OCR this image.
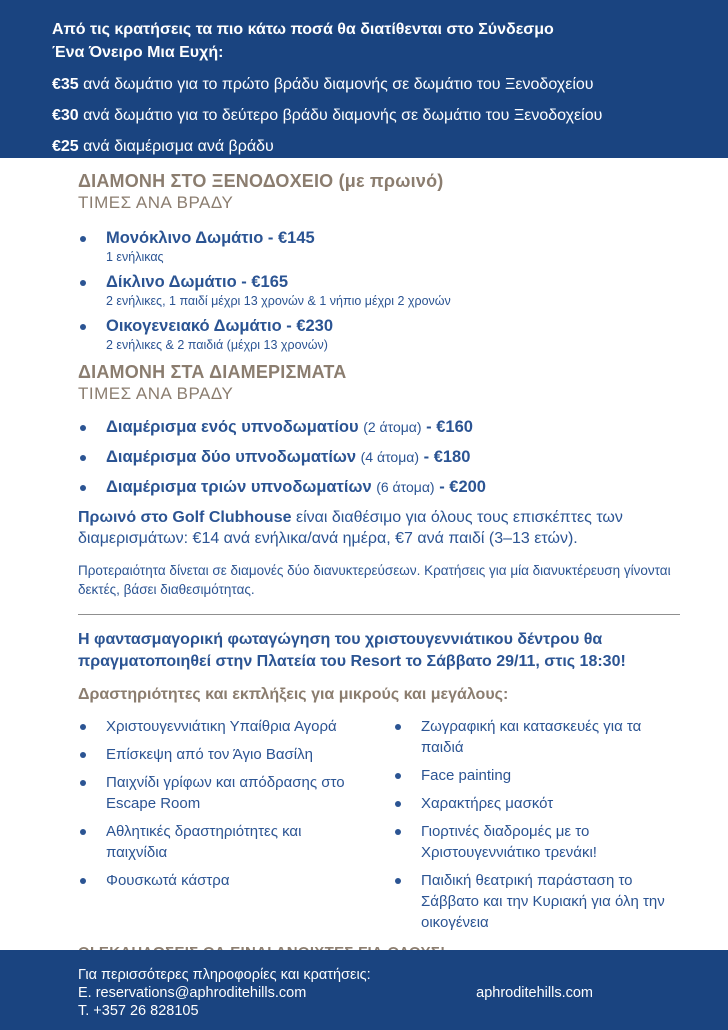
Από τις κρατήσεις τα πιο κάτω ποσά θα διατίθενται στο Σύνδεσμο
Ένα Όνειρο Μια Ευχή:
€35 ανά δωμάτιο για το πρώτο βράδυ διαμονής σε δωμάτιο του Ξενοδοχείου
€30 ανά δωμάτιο για το δεύτερο βράδυ διαμονής σε δωμάτιο του Ξενοδοχείου
€25 ανά διαμέρισμα ανά βράδυ
ΔΙΑΜΟΝΗ ΣΤΟ ΞΕΝΟΔΟΧΕΙΟ (με πρωινό)
ΤΙΜΕΣ ΑΝΑ ΒΡΑΔΥ
Μονόκλινο Δωμάτιο - €145
1 ενήλικας
Δίκλινο Δωμάτιο - €165
2 ενήλικες, 1 παιδί μέχρι 13 χρονών & 1 νήπιο μέχρι 2 χρονών
Οικογενειακό Δωμάτιο - €230
2 ενήλικες & 2 παιδιά (μέχρι 13 χρονών)
ΔΙΑΜΟΝΗ ΣΤΑ ΔΙΑΜΕΡΙΣΜΑΤΑ
ΤΙΜΕΣ ΑΝΑ ΒΡΑΔΥ
Διαμέρισμα ενός υπνοδωματίου (2 άτομα) - €160
Διαμέρισμα δύο υπνοδωματίων (4 άτομα) - €180
Διαμέρισμα τριών υπνοδωματίων (6 άτομα) - €200
Πρωινό στο Golf Clubhouse είναι διαθέσιμο για όλους τους επισκέπτες των διαμερισμάτων: €14 ανά ενήλικα/ανά ημέρα, €7 ανά παιδί (3–13 ετών).
Προτεραιότητα δίνεται σε διαμονές δύο διανυκτερεύσεων. Κρατήσεις για μία διανυκτέρευση γίνονται δεκτές, βάσει διαθεσιμότητας.
Η φαντασμαγορική φωταγώγηση του χριστουγεννιάτικου δέντρου θα πραγματοποιηθεί στην Πλατεία του Resort το Σάββατο 29/11, στις 18:30!
Δραστηριότητες και εκπλήξεις για μικρούς και μεγάλους:
Χριστουγεννιάτικη Υπαίθρια Αγορά
Επίσκεψη από τον Άγιο Βασίλη
Παιχνίδι γρίφων και απόδρασης στο Escape Room
Αθλητικές δραστηριότητες και παιχνίδια
Φουσκωτά κάστρα
Ζωγραφική και κατασκευές για τα παιδιά
Face painting
Χαρακτήρες μασκότ
Γιορτινές διαδρομές με το Χριστουγεννιάτικο τρενάκι!
Παιδική θεατρική παράσταση το Σάββατο και την Κυριακή για όλη την οικογένεια
Για περισσότερες πληροφορίες και κρατήσεις:
E. reservations@aphroditehills.com
T. +357 26 828105
aphroditehills.com
